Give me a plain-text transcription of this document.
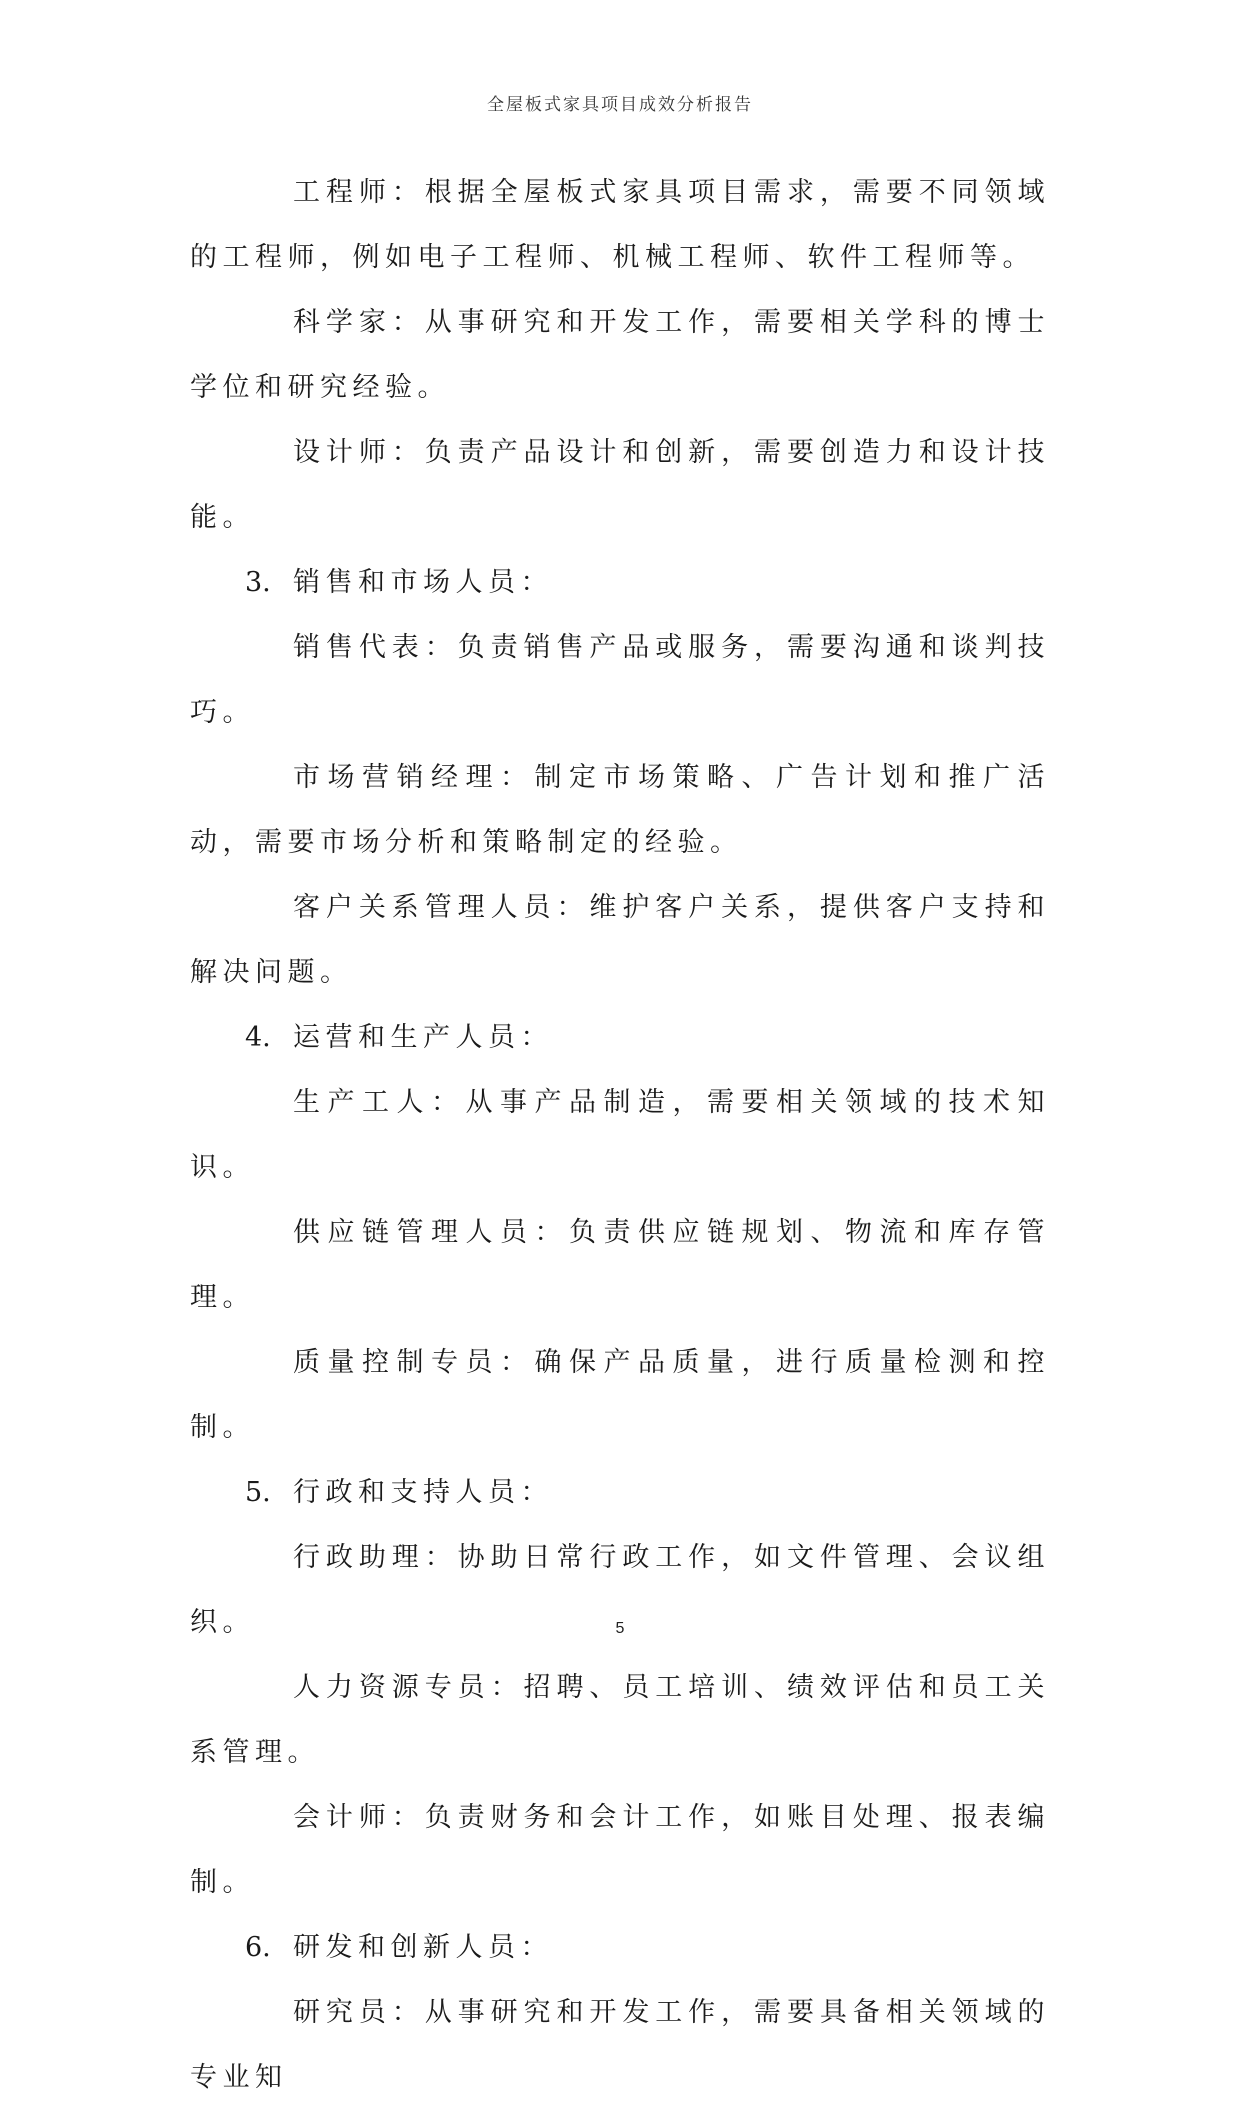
全屋板式家具项目成效分析报告

工程师：根据全屋板式家具项目需求，需要不同领域的工程师，例如电子工程师、机械工程师、软件工程师等。

科学家：从事研究和开发工作，需要相关学科的博士学位和研究经验。

设计师：负责产品设计和创新，需要创造力和设计技能。

3. 销售和市场人员：

销售代表：负责销售产品或服务，需要沟通和谈判技巧。

市场营销经理：制定市场策略、广告计划和推广活动，需要市场分析和策略制定的经验。

客户关系管理人员：维护客户关系，提供客户支持和解决问题。

4. 运营和生产人员：

生产工人：从事产品制造，需要相关领域的技术知识。

供应链管理人员：负责供应链规划、物流和库存管理。

质量控制专员：确保产品质量，进行质量检测和控制。

5. 行政和支持人员：

行政助理：协助日常行政工作，如文件管理、会议组织。

人力资源专员：招聘、员工培训、绩效评估和员工关系管理。

会计师：负责财务和会计工作，如账目处理、报表编制。

6. 研发和创新人员：

研究员：从事研究和开发工作，需要具备相关领域的专业知

5
